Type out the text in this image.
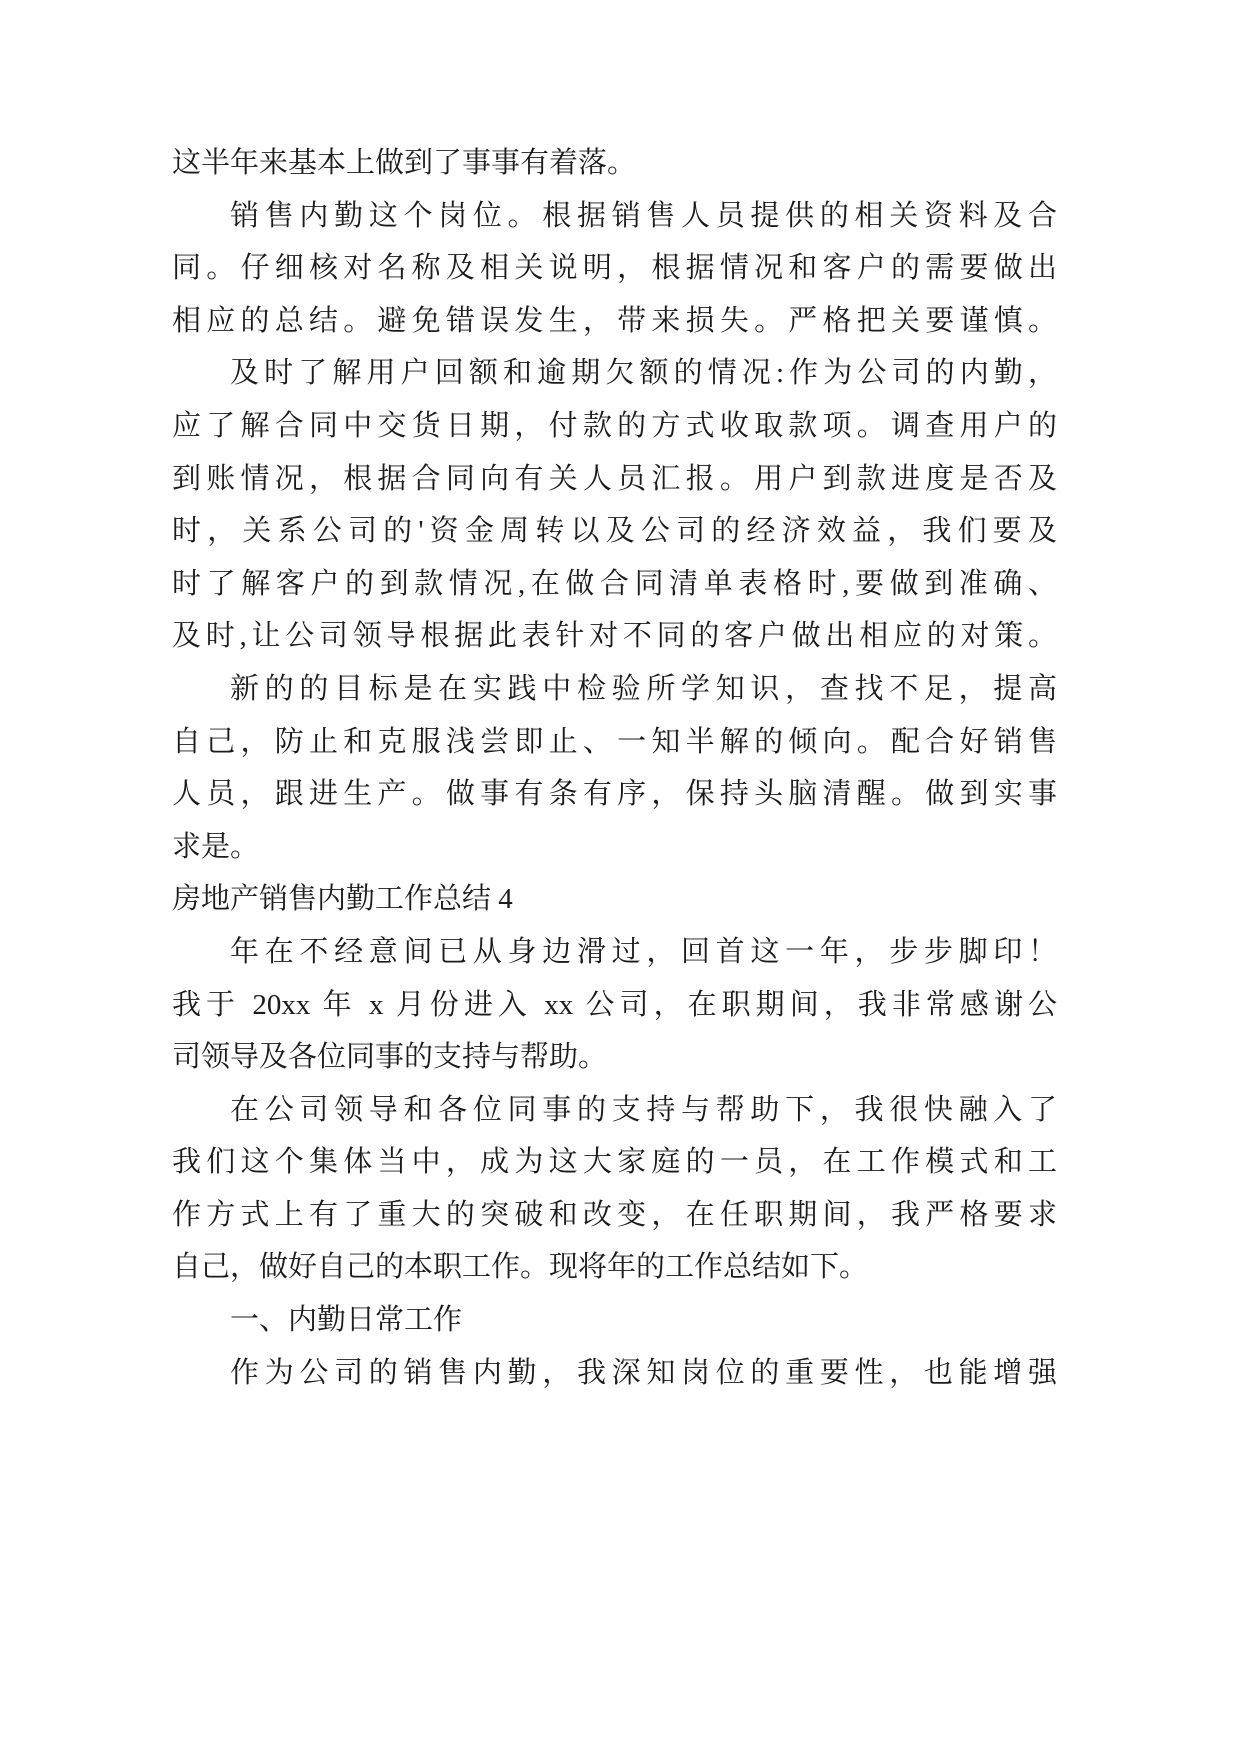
这半年来基本上做到了事事有着落。
销售内勤这个岗位。根据销售人员提供的相关资料及合
同。仔细核对名称及相关说明，根据情况和客户的需要做出
相应的总结。避免错误发生，带来损失。严格把关要谨慎。
及时了解用户回额和逾期欠额的情况:作为公司的内勤，
应了解合同中交货日期，付款的方式收取款项。调查用户的
到账情况，根据合同向有关人员汇报。用户到款进度是否及
时，关系公司的'资金周转以及公司的经济效益，我们要及
时了解客户的到款情况,在做合同清单表格时,要做到准确、
及时,让公司领导根据此表针对不同的客户做出相应的对策。
新的的目标是在实践中检验所学知识，查找不足，提高
自己，防止和克服浅尝即止、一知半解的倾向。配合好销售
人员，跟进生产。做事有条有序，保持头脑清醒。做到实事
求是。
房地产销售内勤工作总结 4
年在不经意间已从身边滑过，回首这一年，步步脚印！
我于 20xx 年 x 月份进入 xx 公司，在职期间，我非常感谢公
司领导及各位同事的支持与帮助。
在公司领导和各位同事的支持与帮助下，我很快融入了
我们这个集体当中，成为这大家庭的一员，在工作模式和工
作方式上有了重大的突破和改变，在任职期间，我严格要求
自己，做好自己的本职工作。现将年的工作总结如下。
一、内勤日常工作
作为公司的销售内勤，我深知岗位的重要性，也能增强
